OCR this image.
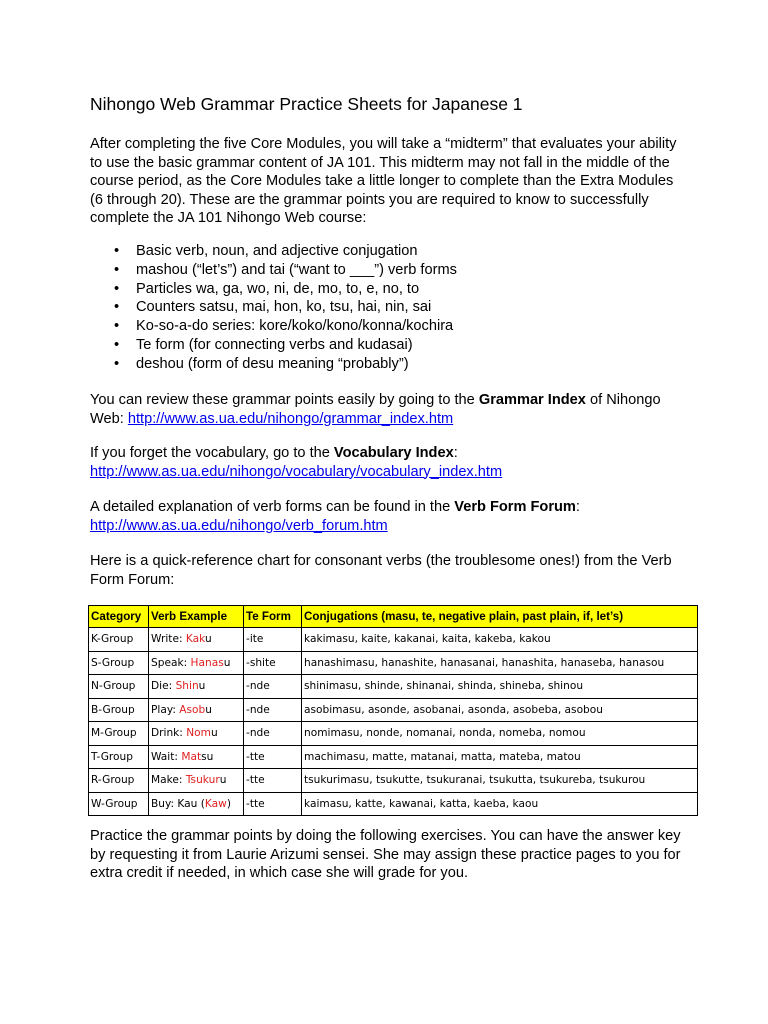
Nihongo Web Grammar Practice Sheets for Japanese 1

After completing the five Core Modules, you will take a “midterm” that evaluates your ability to use the basic grammar content of JA 101. This midterm may not fall in the middle of the course period, as the Core Modules take a little longer to complete than the Extra Modules (6 through 20). These are the grammar points you are required to know to successfully complete the JA 101 Nihongo Web course:

• Basic verb, noun, and adjective conjugation
• mashou (“let’s”) and tai (“want to ___”) verb forms
• Particles wa, ga, wo, ni, de, mo, to, e, no, to
• Counters satsu, mai, hon, ko, tsu, hai, nin, sai
• Ko-so-a-do series: kore/koko/kono/konna/kochira
• Te form (for connecting verbs and kudasai)
• deshou (form of desu meaning “probably”)

You can review these grammar points easily by going to the Grammar Index of Nihongo Web: http://www.as.ua.edu/nihongo/grammar_index.htm

If you forget the vocabulary, go to the Vocabulary Index:
http://www.as.ua.edu/nihongo/vocabulary/vocabulary_index.htm

A detailed explanation of verb forms can be found in the Verb Form Forum:
http://www.as.ua.edu/nihongo/verb_forum.htm

Here is a quick-reference chart for consonant verbs (the troublesome ones!) from the Verb Form Forum:

Category	Verb Example	Te Form	Conjugations (masu, te, negative plain, past plain, if, let’s)
K-Group	Write: Kaku	-ite	kakimasu, kaite, kakanai, kaita, kakeba, kakou
S-Group	Speak: Hanasu	-shite	hanashimasu, hanashite, hanasanai, hanashita, hanaseba, hanasou
N-Group	Die: Shinu	-nde	shinimasu, shinde, shinanai, shinda, shineba, shinou
B-Group	Play: Asobu	-nde	asobimasu, asonde, asobanai, asonda, asobeba, asobou
M-Group	Drink: Nomu	-nde	nomimasu, nonde, nomanai, nonda, nomeba, nomou
T-Group	Wait: Matsu	-tte	machimasu, matte, matanai, matta, mateba, matou
R-Group	Make: Tsukuru	-tte	tsukurimasu, tsukutte, tsukuranai, tsukutta, tsukureba, tsukurou
W-Group	Buy: Kau (Kaw)	-tte	kaimasu, katte, kawanai, katta, kaeba, kaou

Practice the grammar points by doing the following exercises. You can have the answer key by requesting it from Laurie Arizumi sensei. She may assign these practice pages to you for extra credit if needed, in which case she will grade for you.
